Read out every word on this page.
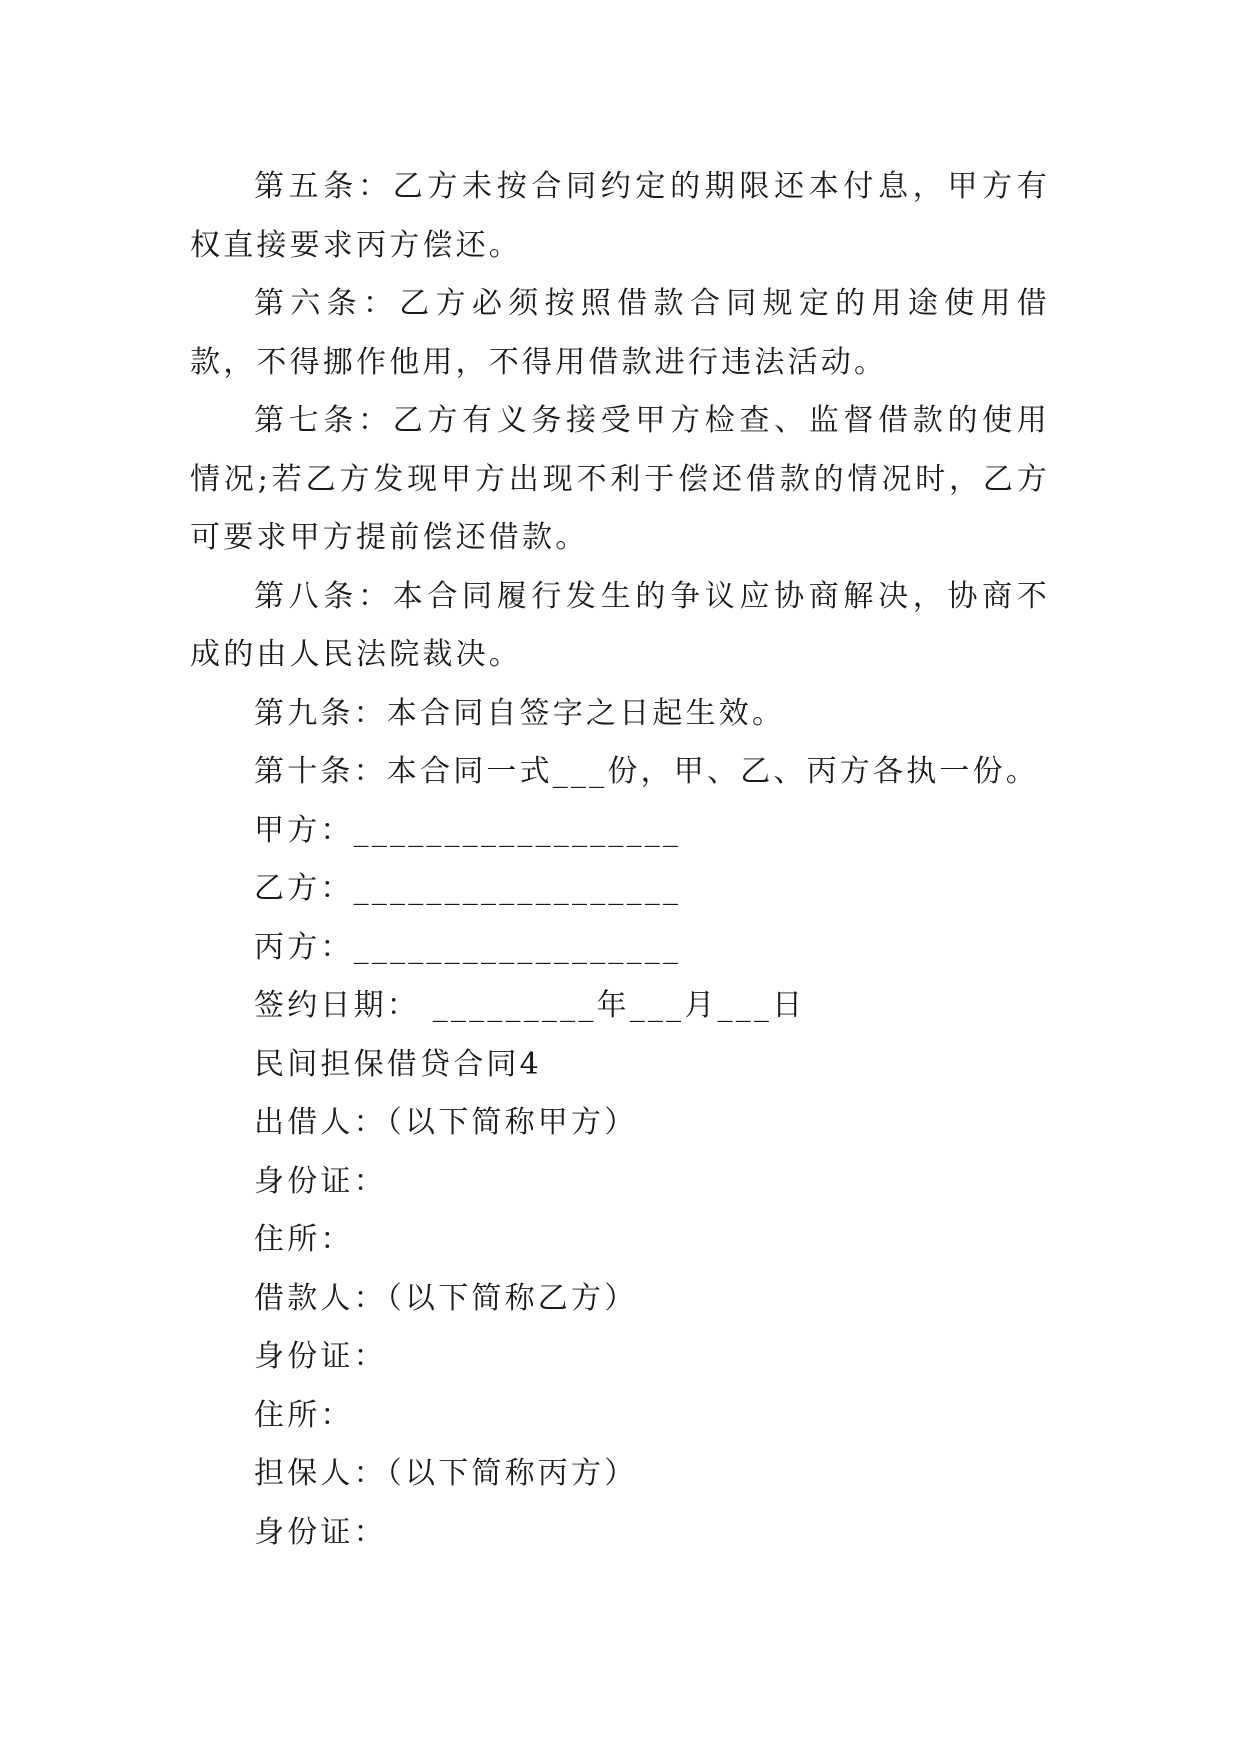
第五条：乙方未按合同约定的期限还本付息，甲方有权直接要求丙方偿还。

第六条：乙方必须按照借款合同规定的用途使用借款，不得挪作他用，不得用借款进行违法活动。

第七条：乙方有义务接受甲方检查、监督借款的使用情况;若乙方发现甲方出现不利于偿还借款的情况时，乙方可要求甲方提前偿还借款。

第八条：本合同履行发生的争议应协商解决，协商不成的由人民法院裁决。

第九条：本合同自签字之日起生效。

第十条：本合同一式___份，甲、乙、丙方各执一份。

甲方：__________________

乙方：__________________

丙方：__________________

签约日期： _________年___月___日

民间担保借贷合同4

出借人：（以下简称甲方）

身份证：

住所：

借款人：（以下简称乙方）

身份证：

住所：

担保人：（以下简称丙方）

身份证：
